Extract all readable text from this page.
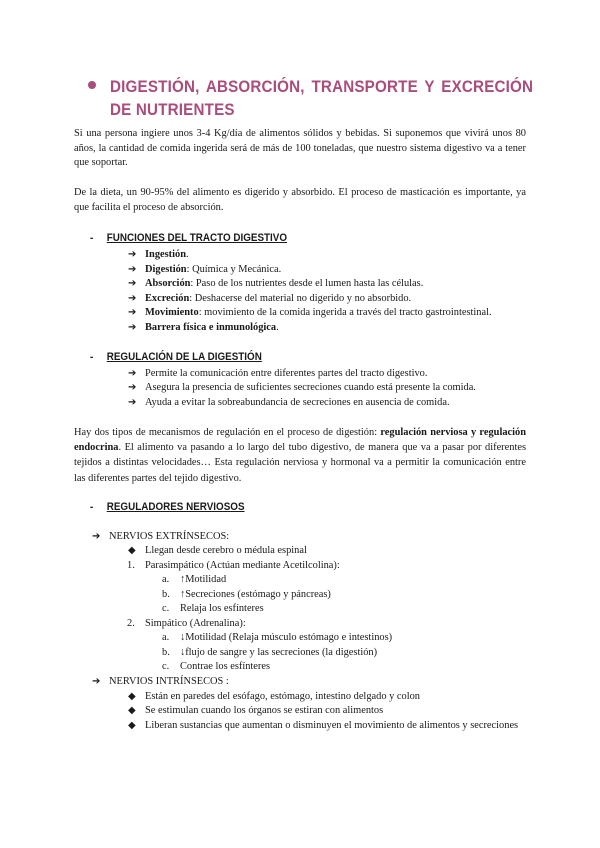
DIGESTIÓN, ABSORCIÓN, TRANSPORTE Y EXCRECIÓN DE NUTRIENTES

Si una persona ingiere unos 3-4 Kg/día de alimentos sólidos y bebidas. Si suponemos que vivirá unos 80 años, la cantidad de comida ingerida será de más de 100 toneladas, que nuestro sistema digestivo va a tener que soportar.

De la dieta, un 90-95% del alimento es digerido y absorbido. El proceso de masticación es importante, ya que facilita el proceso de absorción.

- FUNCIONES DEL TRACTO DIGESTIVO
➔ Ingestión.
➔ Digestión: Química y Mecánica.
➔ Absorción: Paso de los nutrientes desde el lumen hasta las células.
➔ Excreción: Deshacerse del material no digerido y no absorbido.
➔ Movimiento: movimiento de la comida ingerida a través del tracto gastrointestinal.
➔ Barrera física e inmunológica.
- REGULACIÓN DE LA DIGESTIÓN
➔ Permite la comunicación entre diferentes partes del tracto digestivo.
➔ Asegura la presencia de suficientes secreciones cuando está presente la comida.
➔ Ayuda a evitar la sobreabundancia de secreciones en ausencia de comida.

Hay dos tipos de mecanismos de regulación en el proceso de digestión: regulación nerviosa y regulación endocrina. El alimento va pasando a lo largo del tubo digestivo, de manera que va a pasar por diferentes tejidos a distintas velocidades… Esta regulación nerviosa y hormonal va a permitir la comunicación entre las diferentes partes del tejido digestivo.

- REGULADORES NERVIOSOS
➔ NERVIOS EXTRÍNSECOS:
◆ Llegan desde cerebro o médula espinal
1. Parasimpático (Actúan mediante Acetilcolina):
a. ↑Motilidad
b. ↑Secreciones (estómago y páncreas)
c. Relaja los esfínteres
2. Simpático (Adrenalina):
a. ↓Motilidad (Relaja músculo estómago e intestinos)
b. ↓flujo de sangre y las secreciones (la digestión)
c. Contrae los esfínteres
➔ NERVIOS INTRÍNSECOS :
◆ Están en paredes del esófago, estómago, intestino delgado y colon
◆ Se estimulan cuando los órganos se estiran con alimentos
◆ Liberan sustancias que aumentan o disminuyen el movimiento de alimentos y secreciones
